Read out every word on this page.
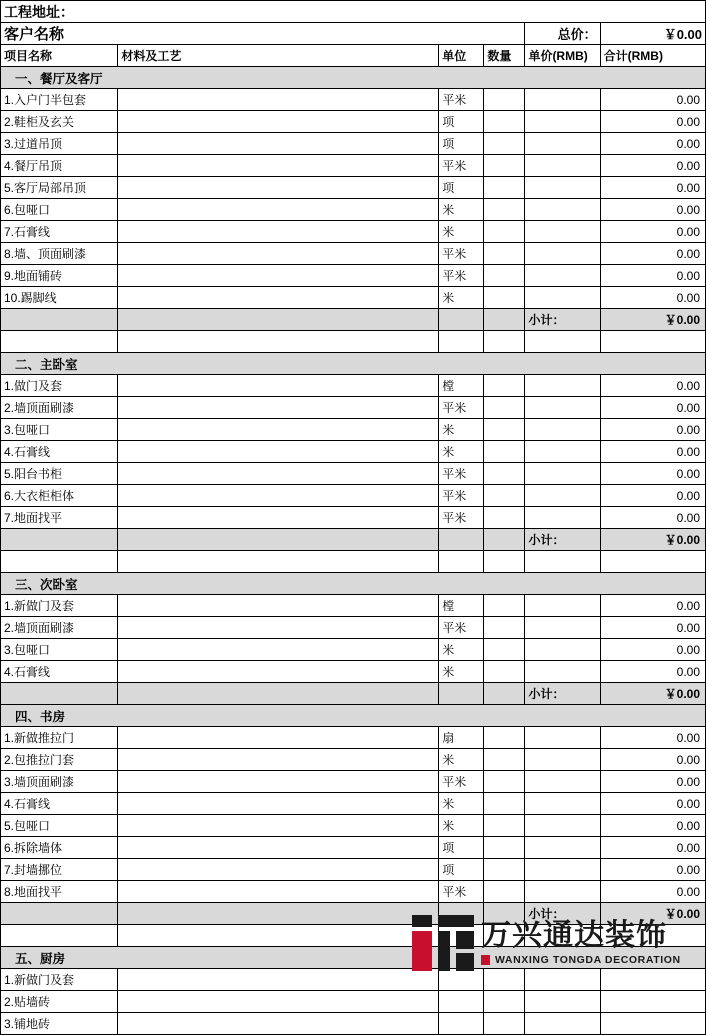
工程地址：					
客户名称				总价：	￥0.00
项目名称	材料及工艺	单位	数量	单价(RMB)	合计(RMB)
一、餐厅及客厅					
1.入户门半包套		平米			0.00
2.鞋柜及玄关		项			0.00
3.过道吊顶		项			0.00
4.餐厅吊顶		平米			0.00
5.客厅局部吊顶		项			0.00
6.包哑口		米			0.00
7.石膏线		米			0.00
8.墙、顶面刷漆		平米			0.00
9.地面铺砖		平米			0.00
10.踢脚线		米			0.00
				小计：	￥0.00

二、主卧室					
1.做门及套		樘			0.00
2.墙顶面刷漆		平米			0.00
3.包哑口		米			0.00
4.石膏线		米			0.00
5.阳台书柜		平米			0.00
6.大衣柜柜体		平米			0.00
7.地面找平		平米			0.00
				小计：	￥0.00

三、次卧室					
1.新做门及套		樘			0.00
2.墙顶面刷漆		平米			0.00
3.包哑口		米			0.00
4.石膏线		米			0.00
				小计：	￥0.00
四、书房					
1.新做推拉门		扇			0.00
2.包推拉门套		米			0.00
3.墙顶面刷漆		平米			0.00
4.石膏线		米			0.00
5.包哑口		米			0.00
6.拆除墙体		项			0.00
7.封墙挪位		项			0.00
8.地面找平		平米			0.00
				小计：	￥0.00

五、厨房					
1.新做门及套					
2.贴墙砖					
3.铺地砖					
万兴通达装饰
WANXING TONGDA DECORATION
